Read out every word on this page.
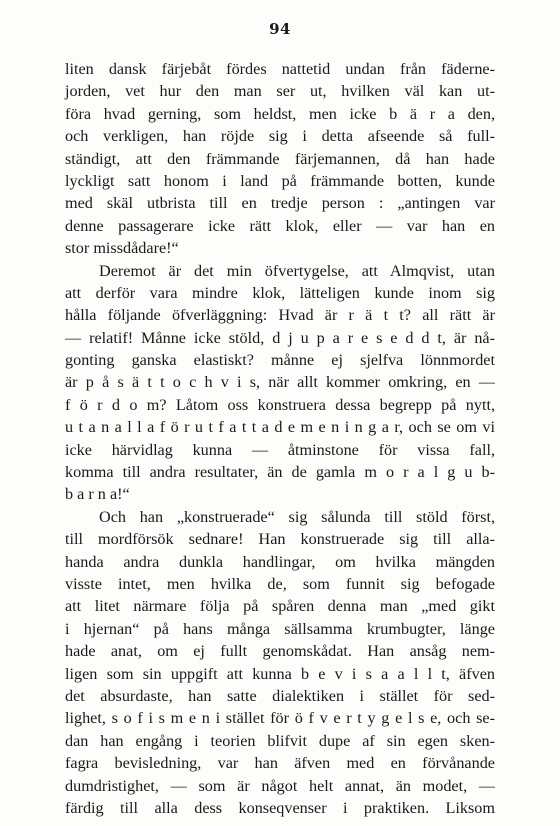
94
liten dansk färjebåt fördes nattetid undan från fäderne-
jorden, vet hur den man ser ut, hvilken väl kan ut-
föra hvad gerning, som heldst, men icke b ä r a den,
och verkligen, han röjde sig i detta afseende så full-
ständigt, att den främmande färjemannen, då han hade
lyckligt satt honom i land på främmande botten, kunde
med skäl utbrista till en tredje person : „antingen var
denne passagerare icke rätt klok, eller — var han en
stor missdådare!“
Deremot är det min öfvertygelse, att Almqvist, utan
att derför vara mindre klok, lätteligen kunde inom sig
hålla följande öfverläggning: Hvad är r ä t t? all rätt är
— relatif! Månne icke stöld, d j u p a r e s e d d t, är nå-
gonting ganska elastiskt? månne ej sjelfva lönnmordet
är p å s ä t t o c h v i s, när allt kommer omkring, en —
f ö r d o m? Låtom oss konstruera dessa begrepp på nytt,
u t a n a l l a f ö r u t f a t t a d e m e n i n g a r, och se om vi
icke härvidlag kunna — åtminstone för vissa fall,
komma till andra resultater, än de gamla m o r a l g u b-
b a r n a!“
Och han „konstruerade“ sig sålunda till stöld först,
till mordförsök sednare! Han konstruerade sig till alla-
handa andra dunkla handlingar, om hvilka mängden
visste intet, men hvilka de, som funnit sig befogade
att litet närmare följa på spåren denna man „med gikt
i hjernan“ på hans många sällsamma krumbugter, länge
hade anat, om ej fullt genomskådat. Han ansåg nem-
ligen som sin uppgift att kunna b e v i s a a l l t, äfven
det absurdaste, han satte dialektiken i stället för sed-
lighet, s o f i s m e n i stället för ö f v e r t y g e l s e, och se-
dan han engång i teorien blifvit dupe af sin egen sken-
fagra bevisledning, var han äfven med en förvånande
dumdristighet, — som är något helt annat, än modet, —
färdig till alla dess konseqvenser i praktiken. Liksom
